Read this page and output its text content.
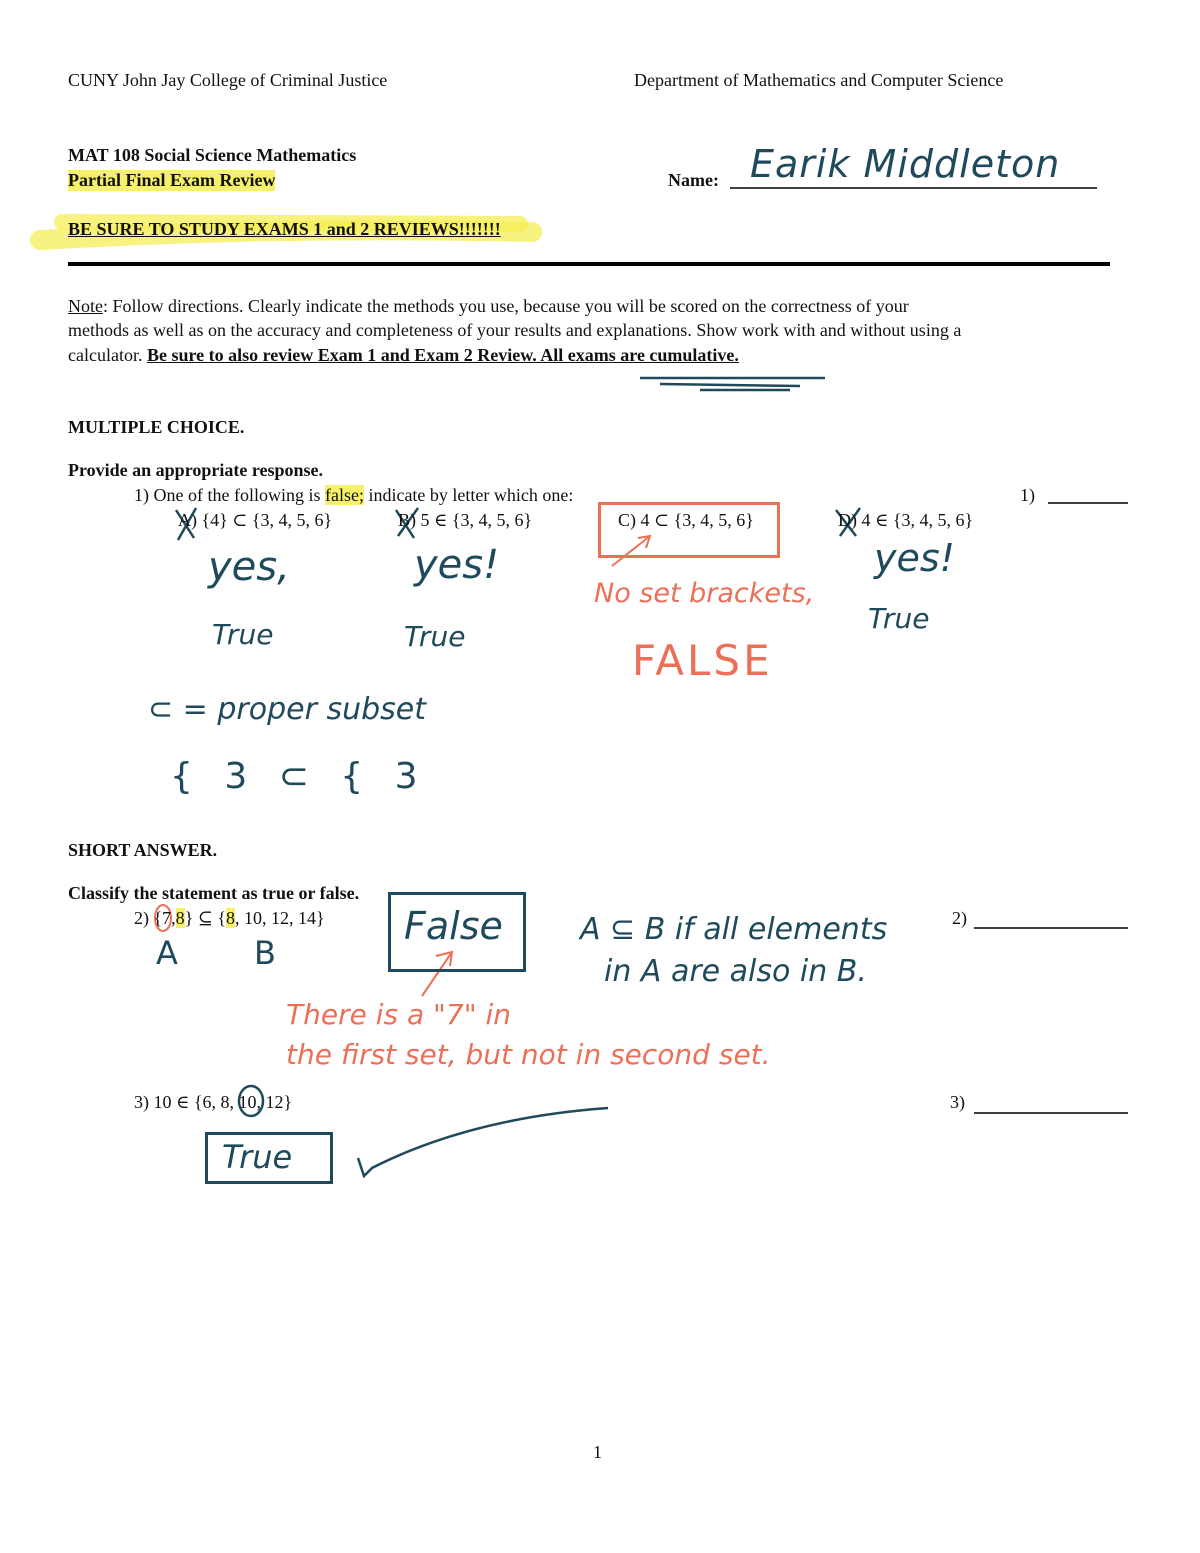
CUNY John Jay College of Criminal Justice	Department of Mathematics and Computer Science
MAT 108 Social Science Mathematics
Partial Final Exam Review
BE SURE TO STUDY EXAMS 1 and 2 REVIEWS!!!!!!!
Name: Earik Middleton
Note: Follow directions. Clearly indicate the methods you use, because you will be scored on the correctness of your
methods as well as on the accuracy and completeness of your results and explanations. Show work with and without using a
calculator. Be sure to also review Exam 1 and Exam 2 Review. All exams are cumulative.
MULTIPLE CHOICE.
Provide an appropriate response.
1) One of the following is false; indicate by letter which one:	1)
A) {4} ⊂ {3, 4, 5, 6}	B) 5 ∈ {3, 4, 5, 6}	C) 4 ⊂ {3, 4, 5, 6}	D) 4 ∈ {3, 4, 5, 6}
yes,
True
yes!
True
No set brackets,
FALSE
yes!
True
⊂ = proper subset
{ 3 ⊂ { 3
SHORT ANSWER.
Classify the statement as true or false.
2) {7,8} ⊆ {8, 10, 12, 14}	2)
A B
False	A ⊆ B if all elements
in A are also in B.
There is a "7" in
the first set, but not in second set.
3) 10 ∈ {6, 8, 10, 12}	3)
True
1
